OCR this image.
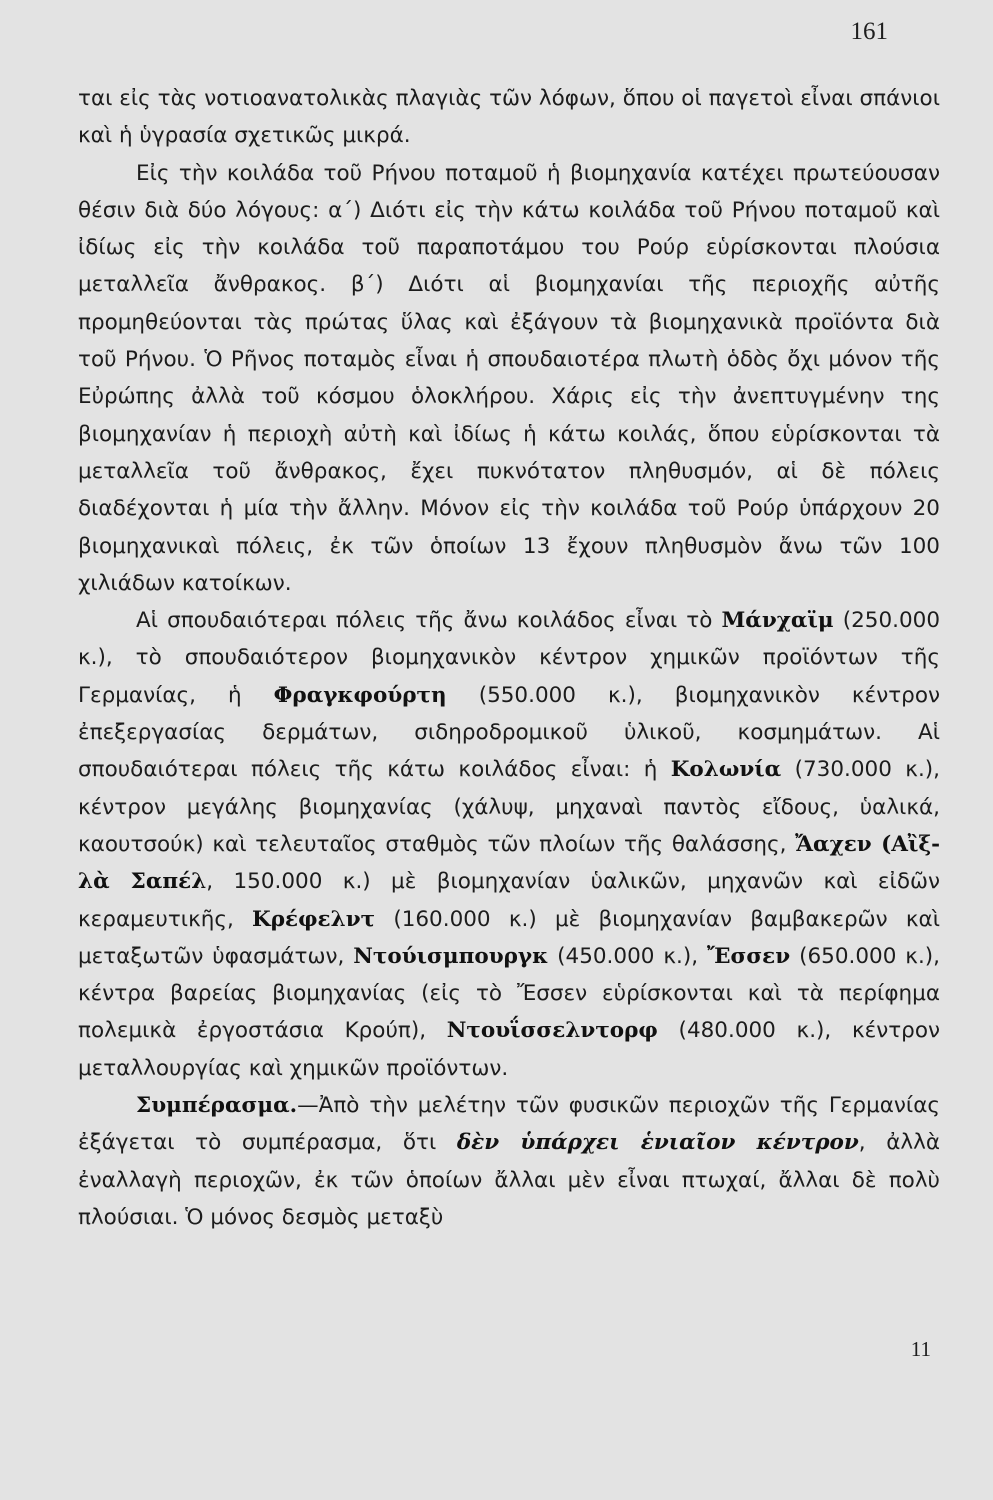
161

ται εἰς τὰς νοτιοανατολικὰς πλαγιὰς τῶν λόφων, ὅπου οἱ παγετοὶ εἶναι σπάνιοι καὶ ἡ ὑγρασία σχετικῶς μικρά.

Εἰς τὴν κοιλάδα τοῦ Ρήνου ποταμοῦ ἡ βιομηχανία κατέχει πρωτεύουσαν θέσιν διὰ δύο λόγους: α΄) Διότι εἰς τὴν κάτω κοιλάδα τοῦ Ρήνου ποταμοῦ καὶ ἰδίως εἰς τὴν κοιλάδα τοῦ παραποτάμου του Ρούρ εὑρίσκονται πλούσια μεταλλεῖα ἄνθρακος. β΄) Διότι αἱ βιομηχανίαι τῆς περιοχῆς αὐτῆς προμηθεύονται τὰς πρώτας ὕλας καὶ ἐξάγουν τὰ βιομηχανικὰ προϊόντα διὰ τοῦ Ρήνου. Ὁ Ρῆνος ποταμὸς εἶναι ἡ σπουδαιοτέρα πλωτὴ ὁδὸς ὄχι μόνον τῆς Εὐρώπης ἀλλὰ τοῦ κόσμου ὁλοκλήρου. Χάρις εἰς τὴν ἀνεπτυγμένην της βιομηχανίαν ἡ περιοχὴ αὐτὴ καὶ ἰδίως ἡ κάτω κοιλάς, ὅπου εὑρίσκονται τὰ μεταλλεῖα τοῦ ἄνθρακος, ἔχει πυκνότατον πληθυσμόν, αἱ δὲ πόλεις διαδέχονται ἡ μία τὴν ἄλλην. Μόνον εἰς τὴν κοιλάδα τοῦ Ρούρ ὑπάρχουν 20 βιομηχανικαὶ πόλεις, ἐκ τῶν ὁποίων 13 ἔχουν πληθυσμὸν ἄνω τῶν 100 χιλιάδων κατοίκων.

Αἱ σπουδαιότεραι πόλεις τῆς ἄνω κοιλάδος εἶναι τὸ Μάνχαϊμ (250.000 κ.), τὸ σπουδαιότερον βιομηχανικὸν κέντρον χημικῶν προϊόντων τῆς Γερμανίας, ἡ Φραγκφούρτη (550.000 κ.), βιομηχανικὸν κέντρον ἐπεξεργασίας δερμάτων, σιδηροδρομικοῦ ὑλικοῦ, κοσμημάτων. Αἱ σπουδαιότεραι πόλεις τῆς κάτω κοιλάδος εἶναι: ἡ Κολωνία (730.000 κ.), κέντρον μεγάλης βιομηχανίας (χάλυψ, μηχαναὶ παντὸς εἴδους, ὑαλικά, καουτσούκ) καὶ τελευταῖος σταθμὸς τῶν πλοίων τῆς θαλάσσης, Ἄαχεν (Αἲξ-λὰ Σαπέλ, 150.000 κ.) μὲ βιομηχανίαν ὑαλικῶν, μηχανῶν καὶ εἰδῶν κεραμευτικῆς, Κρέφελντ (160.000 κ.) μὲ βιομηχανίαν βαμβακερῶν καὶ μεταξωτῶν ὑφασμάτων, Ντούισμπουργκ (450.000 κ.), Ἔσσεν (650.000 κ.), κέντρα βαρείας βιομηχανίας (εἰς τὸ Ἔσσεν εὑρίσκονται καὶ τὰ περίφημα πολεμικὰ ἐργοστάσια Κρούπ), Ντουΐσσελντορφ (480.000 κ.), κέντρον μεταλλουργίας καὶ χημικῶν προϊόντων.

Συμπέρασμα.—Ἀπὸ τὴν μελέτην τῶν φυσικῶν περιοχῶν τῆς Γερμανίας ἐξάγεται τὸ συμπέρασμα, ὅτι δὲν ὑπάρχει ἑνιαῖον κέντρον, ἀλλὰ ἐναλλαγὴ περιοχῶν, ἐκ τῶν ὁποίων ἄλλαι μὲν εἶναι πτωχαί, ἄλλαι δὲ πολὺ πλούσιαι. Ὁ μόνος δεσμὸς μεταξὺ

11
